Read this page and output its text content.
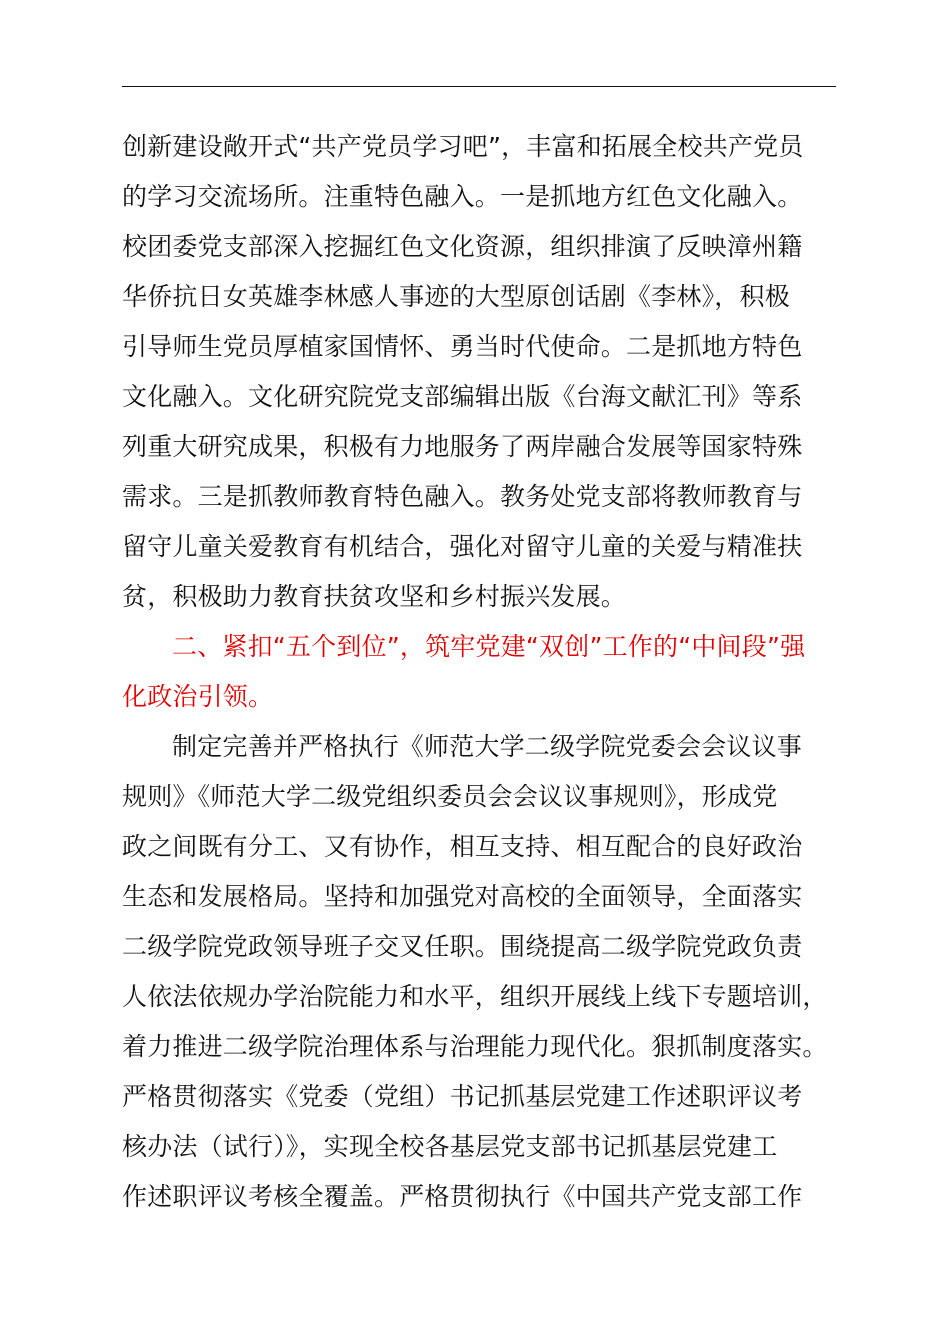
创新建设敞开式“共产党员学习吧”，丰富和拓展全校共产党员
的学习交流场所。注重特色融入。一是抓地方红色文化融入。
校团委党支部深入挖掘红色文化资源，组织排演了反映漳州籍
华侨抗日女英雄李林感人事迹的大型原创话剧《李林》，积极
引导师生党员厚植家国情怀、勇当时代使命。二是抓地方特色
文化融入。文化研究院党支部编辑出版《台海文献汇刊》等系
列重大研究成果，积极有力地服务了两岸融合发展等国家特殊
需求。三是抓教师教育特色融入。教务处党支部将教师教育与
留守儿童关爱教育有机结合，强化对留守儿童的关爱与精准扶
贫，积极助力教育扶贫攻坚和乡村振兴发展。
二、紧扣“五个到位”，筑牢党建“双创”工作的“中间段”强
化政治引领。
制定完善并严格执行《师范大学二级学院党委会会议议事
规则》《师范大学二级党组织委员会会议议事规则》，形成党
政之间既有分工、又有协作，相互支持、相互配合的良好政治
生态和发展格局。坚持和加强党对高校的全面领导，全面落实
二级学院党政领导班子交叉任职。围绕提高二级学院党政负责
人依法依规办学治院能力和水平，组织开展线上线下专题培训，
着力推进二级学院治理体系与治理能力现代化。狠抓制度落实。
严格贯彻落实《党委（党组）书记抓基层党建工作述职评议考
核办法（试行）》，实现全校各基层党支部书记抓基层党建工
作述职评议考核全覆盖。严格贯彻执行《中国共产党支部工作
